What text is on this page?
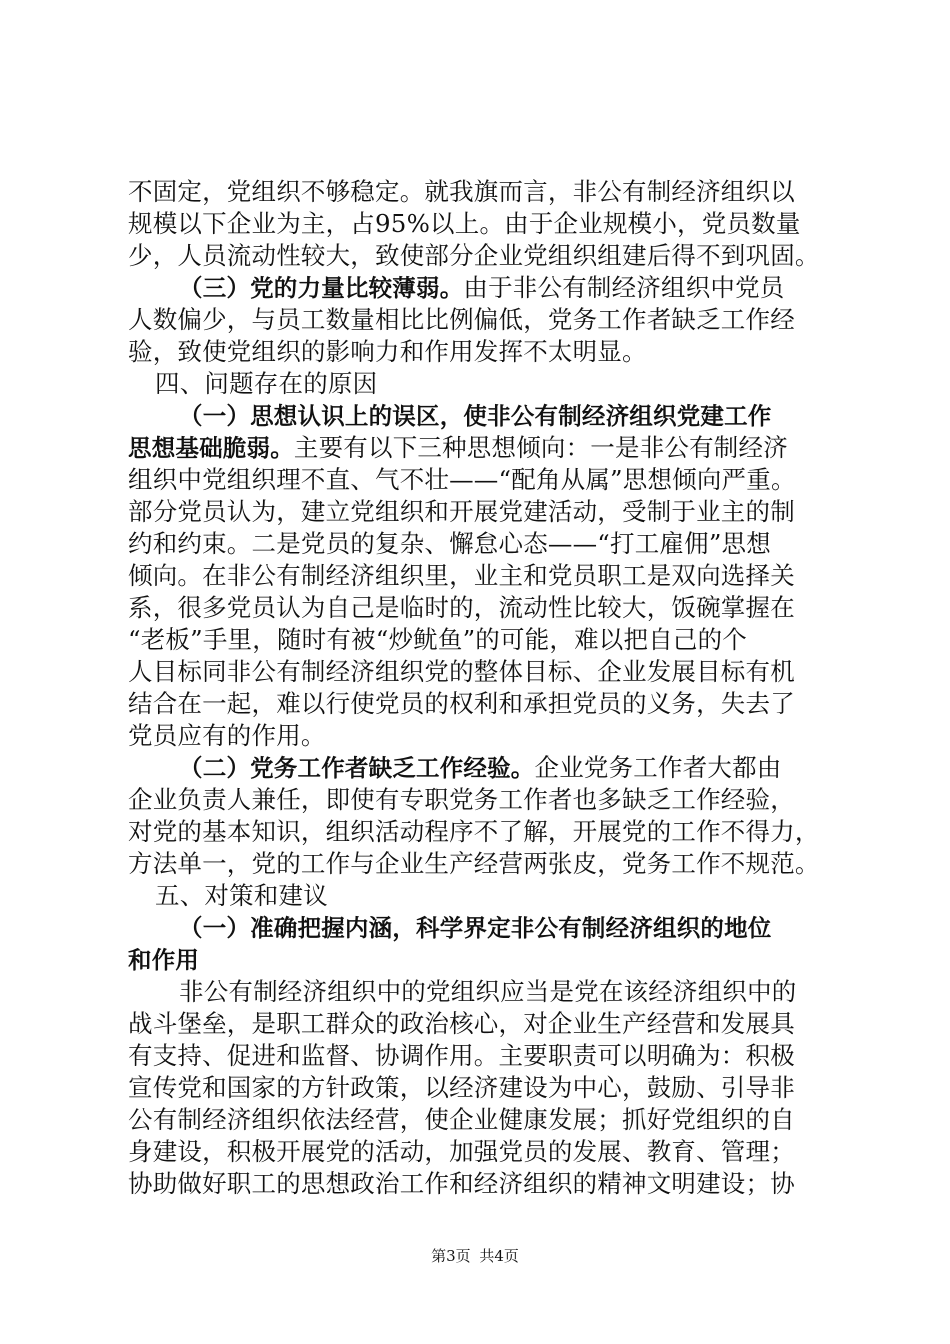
不固定，党组织不够稳定。就我旗而言，非公有制经济组织以
规模以下企业为主，占95%以上。由于企业规模小，党员数量
少，人员流动性较大，致使部分企业党组织组建后得不到巩固。
（三）党的力量比较薄弱。由于非公有制经济组织中党员
人数偏少，与员工数量相比比例偏低，党务工作者缺乏工作经
验，致使党组织的影响力和作用发挥不太明显。
四、问题存在的原因
（一）思想认识上的误区，使非公有制经济组织党建工作
思想基础脆弱。主要有以下三种思想倾向：一是非公有制经济
组织中党组织理不直、气不壮——“配角从属”思想倾向严重。
部分党员认为，建立党组织和开展党建活动，受制于业主的制
约和约束。二是党员的复杂、懈怠心态——“打工雇佣”思想
倾向。在非公有制经济组织里，业主和党员职工是双向选择关
系，很多党员认为自己是临时的，流动性比较大，饭碗掌握在
“老板”手里，随时有被“炒鱿鱼”的可能，难以把自己的个
人目标同非公有制经济组织党的整体目标、企业发展目标有机
结合在一起，难以行使党员的权利和承担党员的义务，失去了
党员应有的作用。
（二）党务工作者缺乏工作经验。企业党务工作者大都由
企业负责人兼任，即使有专职党务工作者也多缺乏工作经验，
对党的基本知识，组织活动程序不了解，开展党的工作不得力，
方法单一，党的工作与企业生产经营两张皮，党务工作不规范。
五、对策和建议
（一）准确把握内涵，科学界定非公有制经济组织的地位
和作用
非公有制经济组织中的党组织应当是党在该经济组织中的
战斗堡垒，是职工群众的政治核心，对企业生产经营和发展具
有支持、促进和监督、协调作用。主要职责可以明确为：积极
宣传党和国家的方针政策，以经济建设为中心，鼓励、引导非
公有制经济组织依法经营，使企业健康发展；抓好党组织的自
身建设，积极开展党的活动，加强党员的发展、教育、管理；
协助做好职工的思想政治工作和经济组织的精神文明建设；协
第3页 共4页
